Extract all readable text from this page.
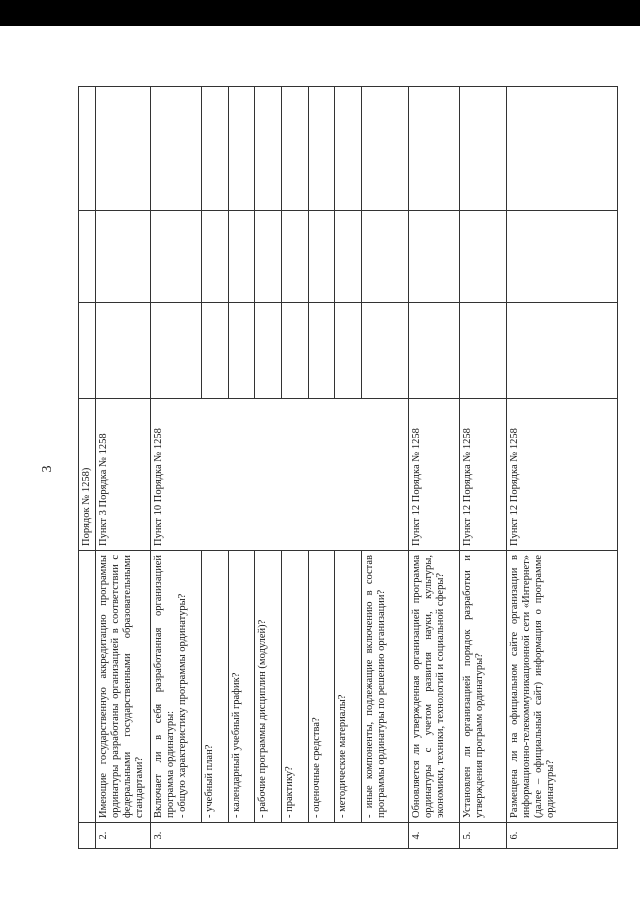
3
		Порядок № 1258)			
2.	Имеющие государственную аккредитацию программы ординатуры разработаны организацией в соответствии с федеральными государственными образовательными стандартами?	Пункт 3 Порядка № 1258			
3.	Включает ли в себя разработанная организацией программа ординатуры: - общую характеристику программы ординатуры?	Пункт 10 Порядка № 1258			
	- учебный план?				
	- календарный учебный график?				
	- рабочие программы дисциплин (модулей)?				
	- практику?				
	- оценочные средства?				
	- методические материалы?				
	- иные компоненты, подлежащие включению в состав программы ординатуры по решению организации?				
4.	Обновляется ли утвержденная организацией программа ординатуры с учетом развития науки, культуры, экономики, техники, технологий и социальной сферы?	Пункт 12 Порядка № 1258			
5.	Установлен ли организацией порядок разработки и утверждения программ ординатуры?	Пункт 12 Порядка № 1258			
6.	Размещена ли на официальном сайте организации в информационно-телекоммуникационной сети «Интернет» (далее – официальный сайт) информация о программе ординатуры?	Пункт 12 Порядка № 1258			
